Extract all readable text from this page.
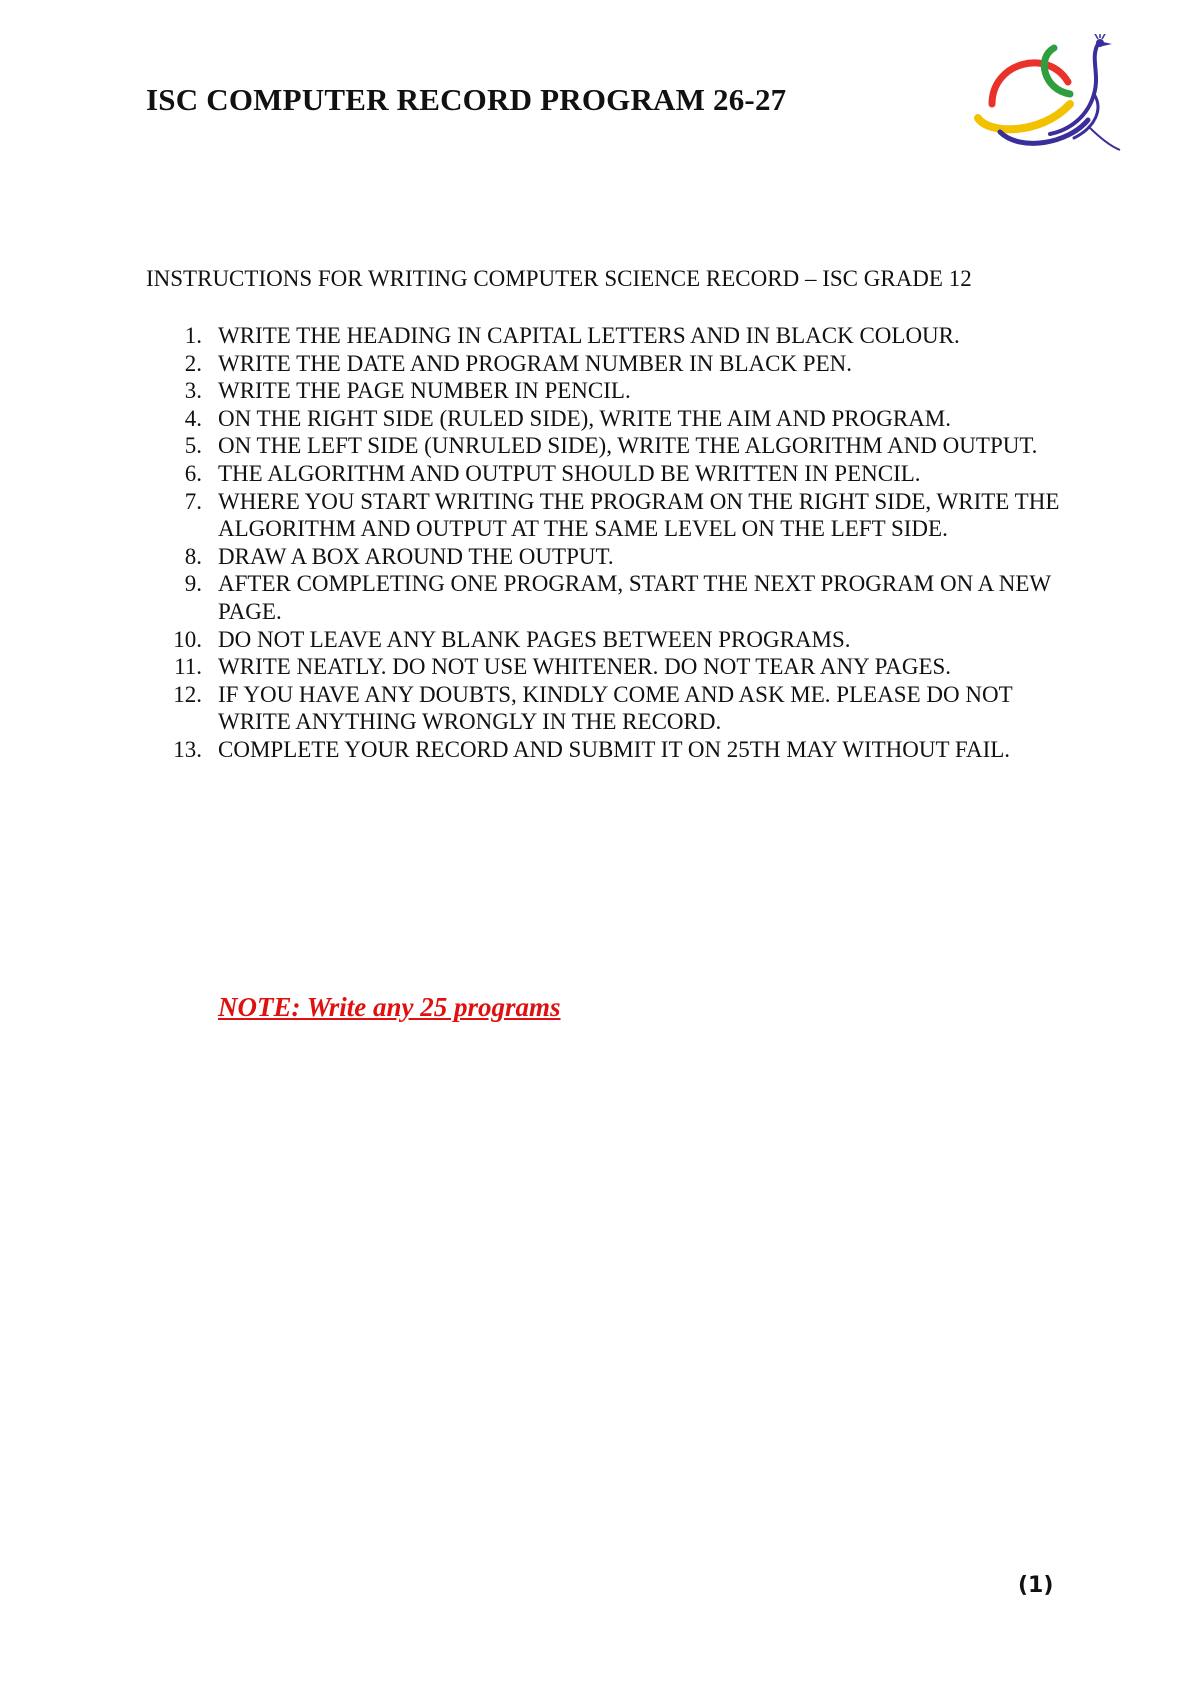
ISC COMPUTER RECORD PROGRAM 26-27
INSTRUCTIONS FOR WRITING COMPUTER SCIENCE RECORD – ISC GRADE 12
1. WRITE THE HEADING IN CAPITAL LETTERS AND IN BLACK COLOUR.
2. WRITE THE DATE AND PROGRAM NUMBER IN BLACK PEN.
3. WRITE THE PAGE NUMBER IN PENCIL.
4. ON THE RIGHT SIDE (RULED SIDE), WRITE THE AIM AND PROGRAM.
5. ON THE LEFT SIDE (UNRULED SIDE), WRITE THE ALGORITHM AND OUTPUT.
6. THE ALGORITHM AND OUTPUT SHOULD BE WRITTEN IN PENCIL.
7. WHERE YOU START WRITING THE PROGRAM ON THE RIGHT SIDE, WRITE THE ALGORITHM AND OUTPUT AT THE SAME LEVEL ON THE LEFT SIDE.
8. DRAW A BOX AROUND THE OUTPUT.
9. AFTER COMPLETING ONE PROGRAM, START THE NEXT PROGRAM ON A NEW PAGE.
10. DO NOT LEAVE ANY BLANK PAGES BETWEEN PROGRAMS.
11. WRITE NEATLY. DO NOT USE WHITENER. DO NOT TEAR ANY PAGES.
12. IF YOU HAVE ANY DOUBTS, KINDLY COME AND ASK ME. PLEASE DO NOT WRITE ANYTHING WRONGLY IN THE RECORD.
13. COMPLETE YOUR RECORD AND SUBMIT IT ON 25TH MAY WITHOUT FAIL.

NOTE: Write any 25 programs

(1)
